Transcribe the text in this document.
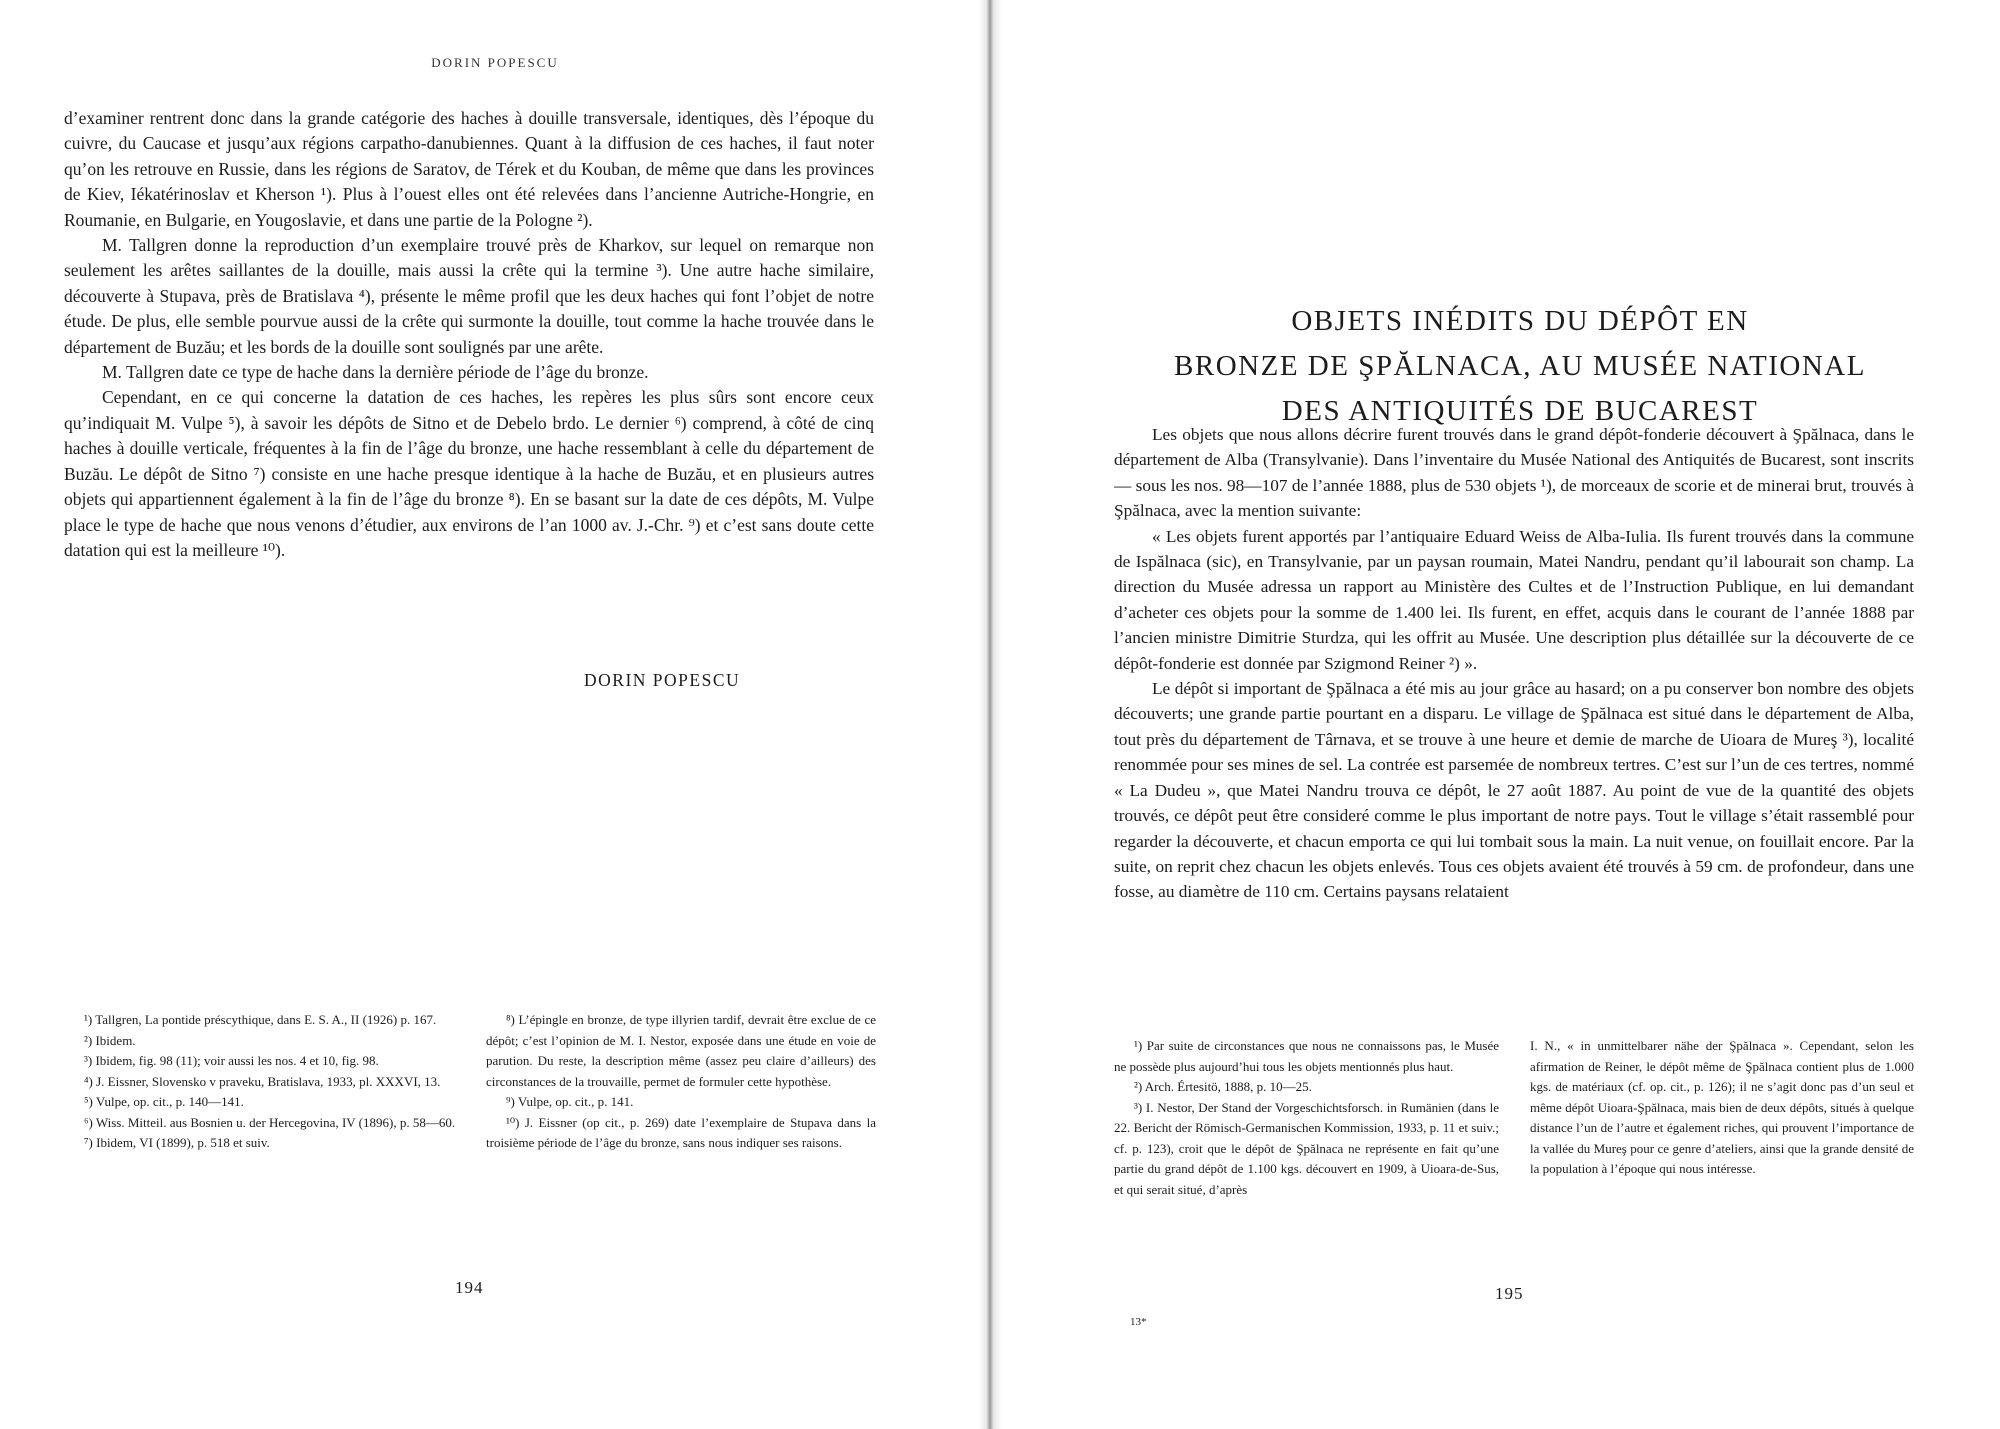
DORIN POPESCU

d’examiner rentrent donc dans la grande catégorie des haches à douille transversale, identiques, dès l’époque du cuivre, du Caucase et jusqu’aux régions carpatho-danubiennes. Quant à la diffusion de ces haches, il faut noter qu’on les retrouve en Russie, dans les régions de Saratov, de Térek et du Kouban, de même que dans les provinces de Kiev, Iékatérinoslav et Kherson ¹). Plus à l’ouest elles ont été relevées dans l’ancienne Autriche-Hongrie, en Roumanie, en Bulgarie, en Yougoslavie, et dans une partie de la Pologne ²).

M. Tallgren donne la reproduction d’un exemplaire trouvé près de Kharkov, sur lequel on remarque non seulement les arêtes saillantes de la douille, mais aussi la crête qui la termine ³). Une autre hache similaire, découverte à Stupava, près de Bratislava ⁴), présente le même profil que les deux haches qui font l’objet de notre étude. De plus, elle semble pourvue aussi de la crête qui surmonte la douille, tout comme la hache trouvée dans le département de Buzău; et les bords de la douille sont soulignés par une arête.

M. Tallgren date ce type de hache dans la dernière période de l’âge du bronze.

Cependant, en ce qui concerne la datation de ces haches, les repères les plus sûrs sont encore ceux qu’indiquait M. Vulpe ⁵), à savoir les dépôts de Sitno et de Debelo brdo. Le dernier ⁶) comprend, à côté de cinq haches à douille verticale, fréquentes à la fin de l’âge du bronze, une hache ressemblant à celle du département de Buzău. Le dépôt de Sitno ⁷) consiste en une hache presque identique à la hache de Buzău, et en plusieurs autres objets qui appartiennent également à la fin de l’âge du bronze ⁸). En se basant sur la date de ces dépôts, M. Vulpe place le type de hache que nous venons d’étudier, aux environs de l’an 1000 av. J.-Chr. ⁹) et c’est sans doute cette datation qui est la meilleure ¹⁰).

DORIN POPESCU

¹) Tallgren, La pontide préscythique, dans E. S. A., II (1926) p. 167.

²) Ibidem.

³) Ibidem, fig. 98 (11); voir aussi les nos. 4 et 10, fig. 98.

⁴) J. Eissner, Slovensko v praveku, Bratislava, 1933, pl. XXXVI, 13.

⁵) Vulpe, op. cit., p. 140—141.

⁶) Wiss. Mitteil. aus Bosnien u. der Hercegovina, IV (1896), p. 58—60.

⁷) Ibidem, VI (1899), p. 518 et suiv.

⁸) L’épingle en bronze, de type illyrien tardif, devrait être exclue de ce dépôt; c’est l’opinion de M. I. Nestor, exposée dans une étude en voie de parution. Du reste, la description même (assez peu claire d’ailleurs) des circonstances de la trouvaille, permet de formuler cette hypothèse.

⁹) Vulpe, op. cit., p. 141.

¹⁰) J. Eissner (op cit., p. 269) date l’exemplaire de Stupava dans la troisième période de l’âge du bronze, sans nous indiquer ses raisons.

194
OBJETS INÉDITS DU DÉPÔT EN
BRONZE DE ŞPĂLNACA, AU MUSÉE NATIONAL
DES ANTIQUITÉS DE BUCAREST

Les objets que nous allons décrire furent trouvés dans le grand dépôt-fonderie découvert à Şpălnaca, dans le département de Alba (Transylvanie). Dans l’inventaire du Musée National des Antiquités de Bucarest, sont inscrits — sous les nos. 98—107 de l’année 1888, plus de 530 objets ¹), de morceaux de scorie et de minerai brut, trouvés à Şpălnaca, avec la mention suivante:

« Les objets furent apportés par l’antiquaire Eduard Weiss de Alba-Iulia. Ils furent trouvés dans la commune de Ispălnaca (sic), en Transylvanie, par un paysan roumain, Matei Nandru, pendant qu’il labourait son champ. La direction du Musée adressa un rapport au Ministère des Cultes et de l’Instruction Publique, en lui demandant d’acheter ces objets pour la somme de 1.400 lei. Ils furent, en effet, acquis dans le courant de l’année 1888 par l’ancien ministre Dimitrie Sturdza, qui les offrit au Musée. Une description plus détaillée sur la découverte de ce dépôt-fonderie est donnée par Szigmond Reiner ²) ».

Le dépôt si important de Şpălnaca a été mis au jour grâce au hasard; on a pu conserver bon nombre des objets découverts; une grande partie pourtant en a disparu. Le village de Şpălnaca est situé dans le département de Alba, tout près du département de Târnava, et se trouve à une heure et demie de marche de Uioara de Mureş ³), localité renommée pour ses mines de sel. La contrée est parsemée de nombreux tertres. C’est sur l’un de ces tertres, nommé « La Dudeu », que Matei Nandru trouva ce dépôt, le 27 août 1887. Au point de vue de la quantité des objets trouvés, ce dépôt peut être consideré comme le plus important de notre pays. Tout le village s’était rassemblé pour regarder la découverte, et chacun emporta ce qui lui tombait sous la main. La nuit venue, on fouillait encore. Par la suite, on reprit chez chacun les objets enlevés. Tous ces objets avaient été trouvés à 59 cm. de profondeur, dans une fosse, au diamètre de 110 cm. Certains paysans relataient

¹) Par suite de circonstances que nous ne connaissons pas, le Musée ne possède plus aujourd’hui tous les objets mentionnés plus haut.

²) Arch. Értesitö, 1888, p. 10—25.

³) I. Nestor, Der Stand der Vorgeschichtsforsch. in Rumänien (dans le 22. Bericht der Römisch-Germanischen Kommission, 1933, p. 11 et suiv.; cf. p. 123), croit que le dépôt de Şpălnaca ne représente en fait qu’une partie du grand dépôt de 1.100 kgs. découvert en 1909, à Uioara-de-Sus, et qui serait situé, d’après

I. N., « in unmittelbarer nähe der Şpălnaca ». Cependant, selon les afirmation de Reiner, le dépôt même de Şpălnaca contient plus de 1.000 kgs. de matériaux (cf. op. cit., p. 126); il ne s’agit donc pas d’un seul et même dépôt Uioara-Şpălnaca, mais bien de deux dépôts, situés à quelque distance l’un de l’autre et également riches, qui prouvent l’importance de la vallée du Mureş pour ce genre d’ateliers, ainsi que la grande densité de la population à l’époque qui nous intéresse.

195
13*
